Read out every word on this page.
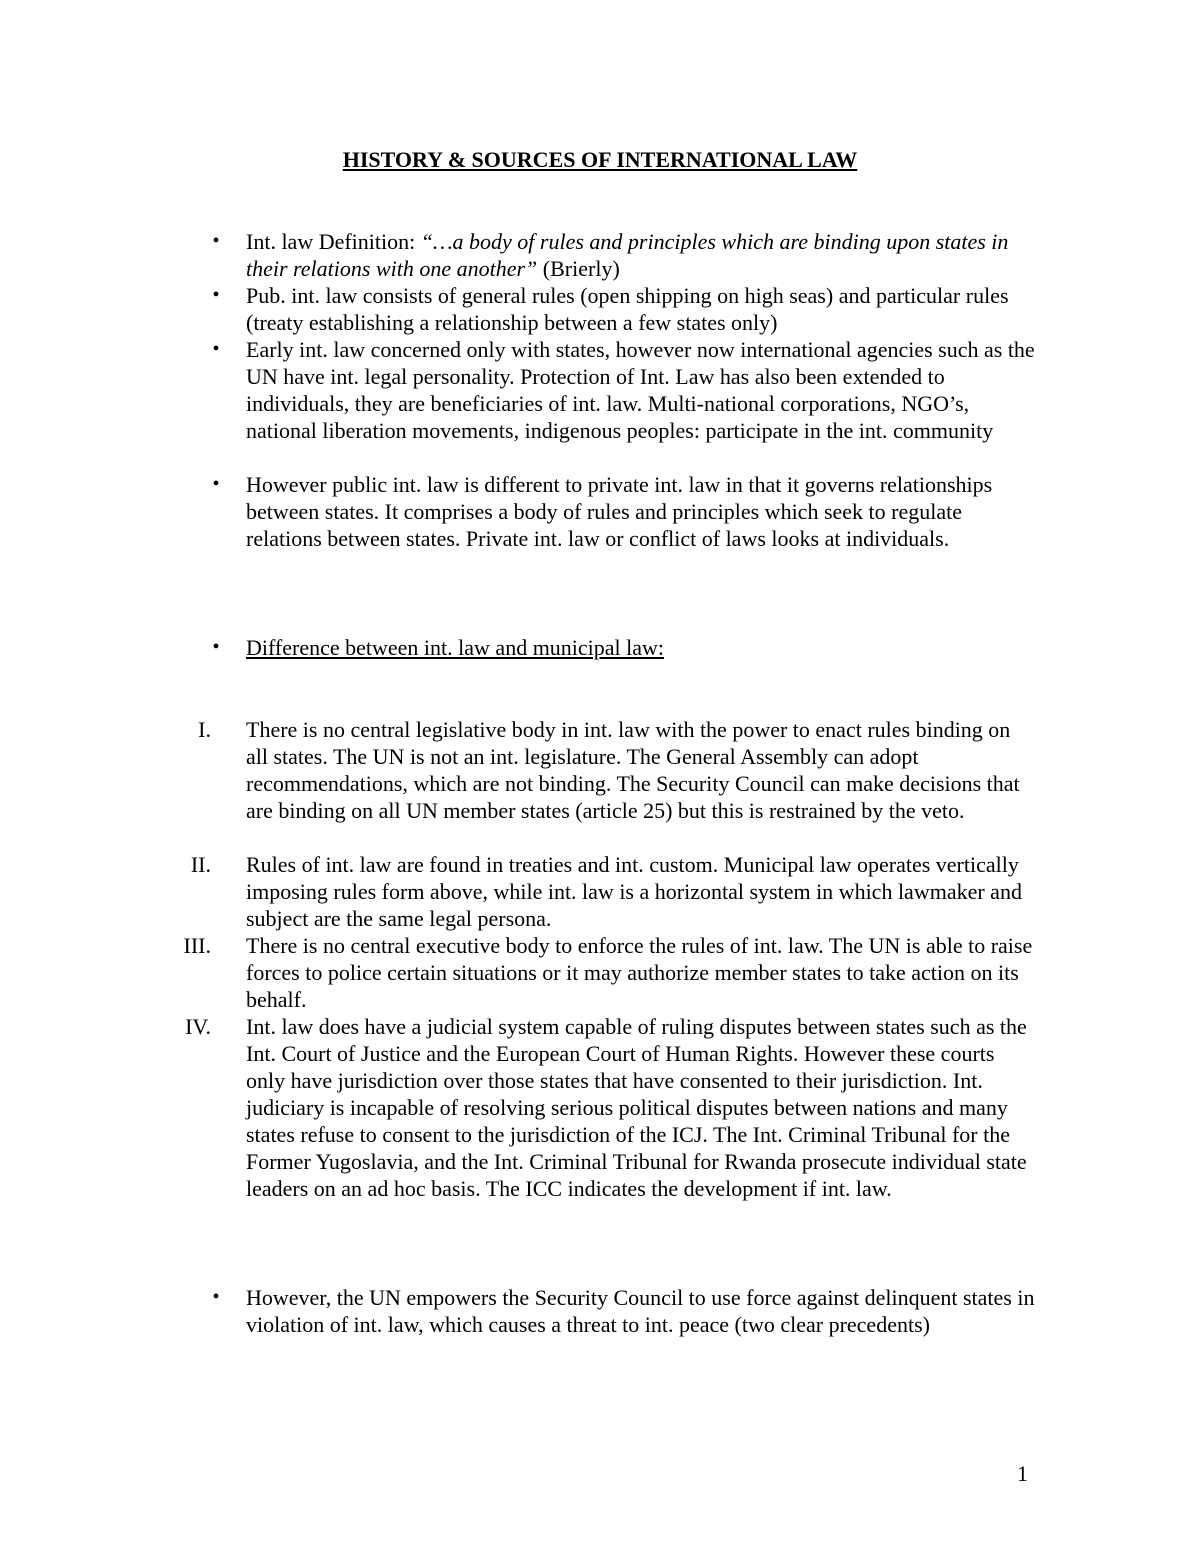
HISTORY & SOURCES OF INTERNATIONAL LAW
• Int. law Definition: “…a body of rules and principles which are binding upon states in their relations with one another” (Brierly)
• Pub. int. law consists of general rules (open shipping on high seas) and particular rules (treaty establishing a relationship between a few states only)
• Early int. law concerned only with states, however now international agencies such as the UN have int. legal personality. Protection of Int. Law has also been extended to individuals, they are beneficiaries of int. law. Multi-national corporations, NGO’s, national liberation movements, indigenous peoples: participate in the int. community
• However public int. law is different to private int. law in that it governs relationships between states. It comprises a body of rules and principles which seek to regulate relations between states. Private int. law or conflict of laws looks at individuals.
• Difference between int. law and municipal law:
I. There is no central legislative body in int. law with the power to enact rules binding on all states. The UN is not an int. legislature. The General Assembly can adopt recommendations, which are not binding. The Security Council can make decisions that are binding on all UN member states (article 25) but this is restrained by the veto.
II. Rules of int. law are found in treaties and int. custom. Municipal law operates vertically imposing rules form above, while int. law is a horizontal system in which lawmaker and subject are the same legal persona.
III. There is no central executive body to enforce the rules of int. law. The UN is able to raise forces to police certain situations or it may authorize member states to take action on its behalf.
IV. Int. law does have a judicial system capable of ruling disputes between states such as the Int. Court of Justice and the European Court of Human Rights. However these courts only have jurisdiction over those states that have consented to their jurisdiction. Int. judiciary is incapable of resolving serious political disputes between nations and many states refuse to consent to the jurisdiction of the ICJ. The Int. Criminal Tribunal for the Former Yugoslavia, and the Int. Criminal Tribunal for Rwanda prosecute individual state leaders on an ad hoc basis. The ICC indicates the development if int. law.
• However, the UN empowers the Security Council to use force against delinquent states in violation of int. law, which causes a threat to int. peace (two clear precedents)
1
